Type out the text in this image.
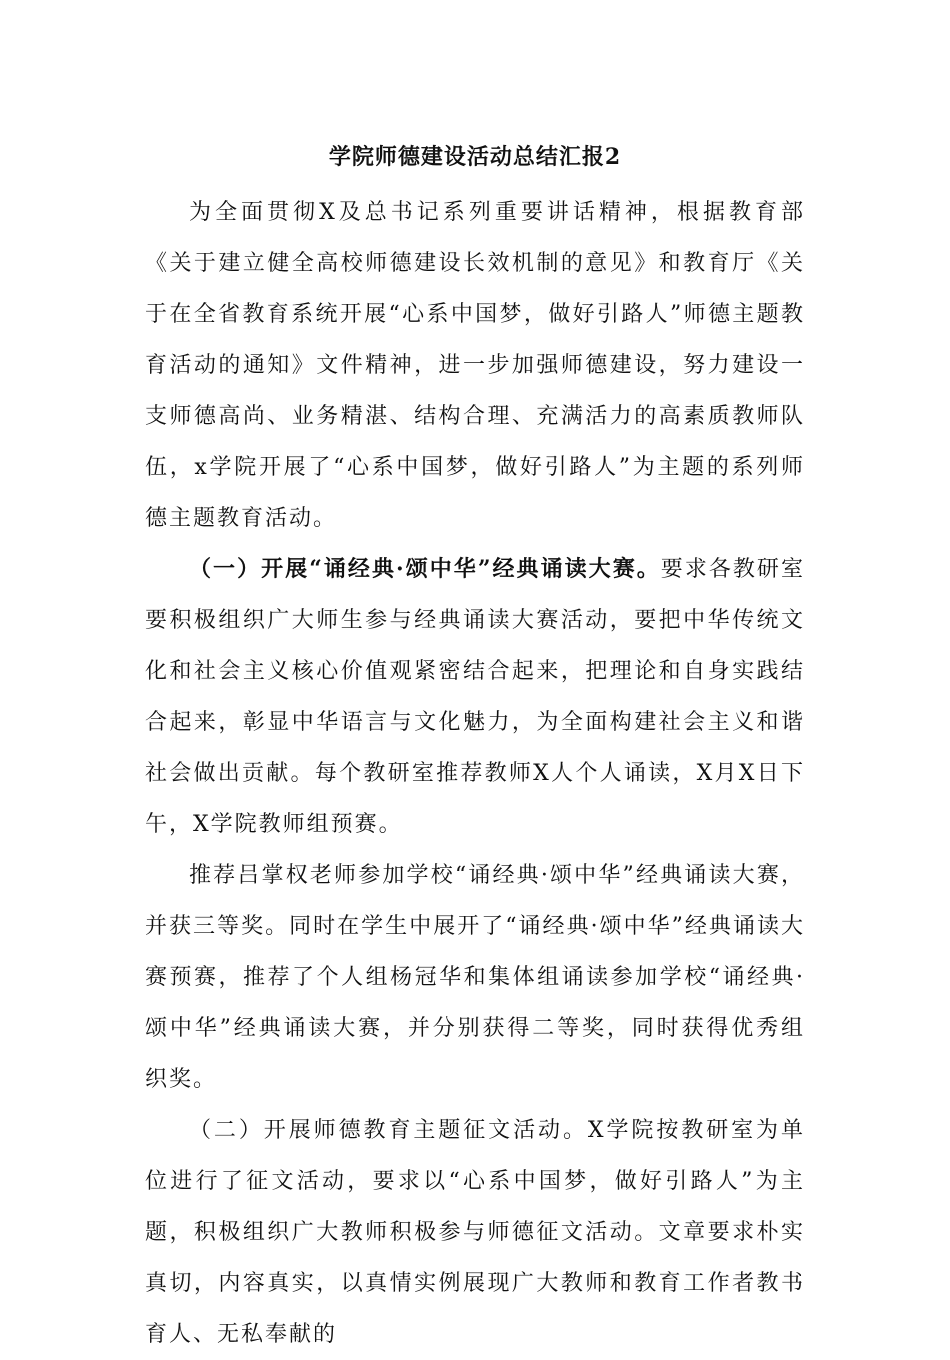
学院师德建设活动总结汇报2

为全面贯彻X及总书记系列重要讲话精神，根据教育部《关于建立健全高校师德建设长效机制的意见》和教育厅《关于在全省教育系统开展“心系中国梦，做好引路人”师德主题教育活动的通知》文件精神，进一步加强师德建设，努力建设一支师德高尚、业务精湛、结构合理、充满活力的高素质教师队伍，x学院开展了“心系中国梦，做好引路人”为主题的系列师德主题教育活动。

（一）开展“诵经典·颂中华”经典诵读大赛。要求各教研室要积极组织广大师生参与经典诵读大赛活动，要把中华传统文化和社会主义核心价值观紧密结合起来，把理论和自身实践结合起来，彰显中华语言与文化魅力，为全面构建社会主义和谐社会做出贡献。每个教研室推荐教师X人个人诵读，X月X日下午，X学院教师组预赛。

推荐吕掌权老师参加学校“诵经典·颂中华”经典诵读大赛，并获三等奖。同时在学生中展开了“诵经典·颂中华”经典诵读大赛预赛，推荐了个人组杨冠华和集体组诵读参加学校“诵经典·颂中华”经典诵读大赛，并分别获得二等奖，同时获得优秀组织奖。

（二）开展师德教育主题征文活动。X学院按教研室为单位进行了征文活动，要求以“心系中国梦，做好引路人”为主题，积极组织广大教师积极参与师德征文活动。文章要求朴实真切，内容真实，以真情实例展现广大教师和教育工作者教书育人、无私奉献的
